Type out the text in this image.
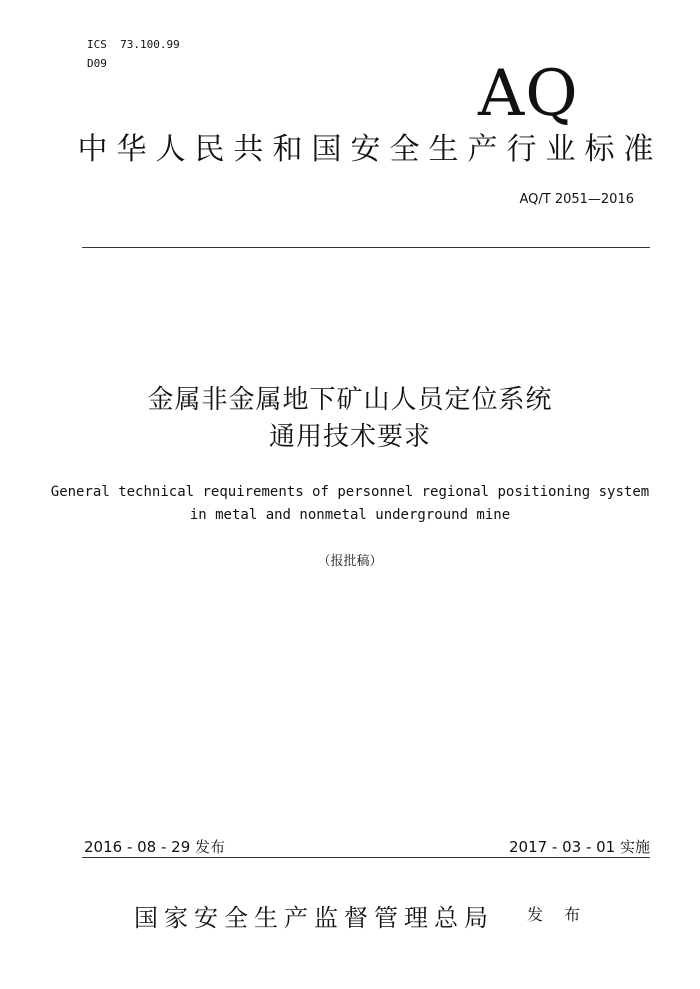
ICS  73.100.99
D09	AQ
中华人民共和国安全生产行业标准
AQ/T 2051—2016
金属非金属地下矿山人员定位系统
通用技术要求
General technical requirements of personnel regional positioning system
in metal and nonmetal underground mine
（报批稿）
2016 - 08 - 29 发布	2017 - 03 - 01 实施
国家安全生产监督管理总局 发 布
